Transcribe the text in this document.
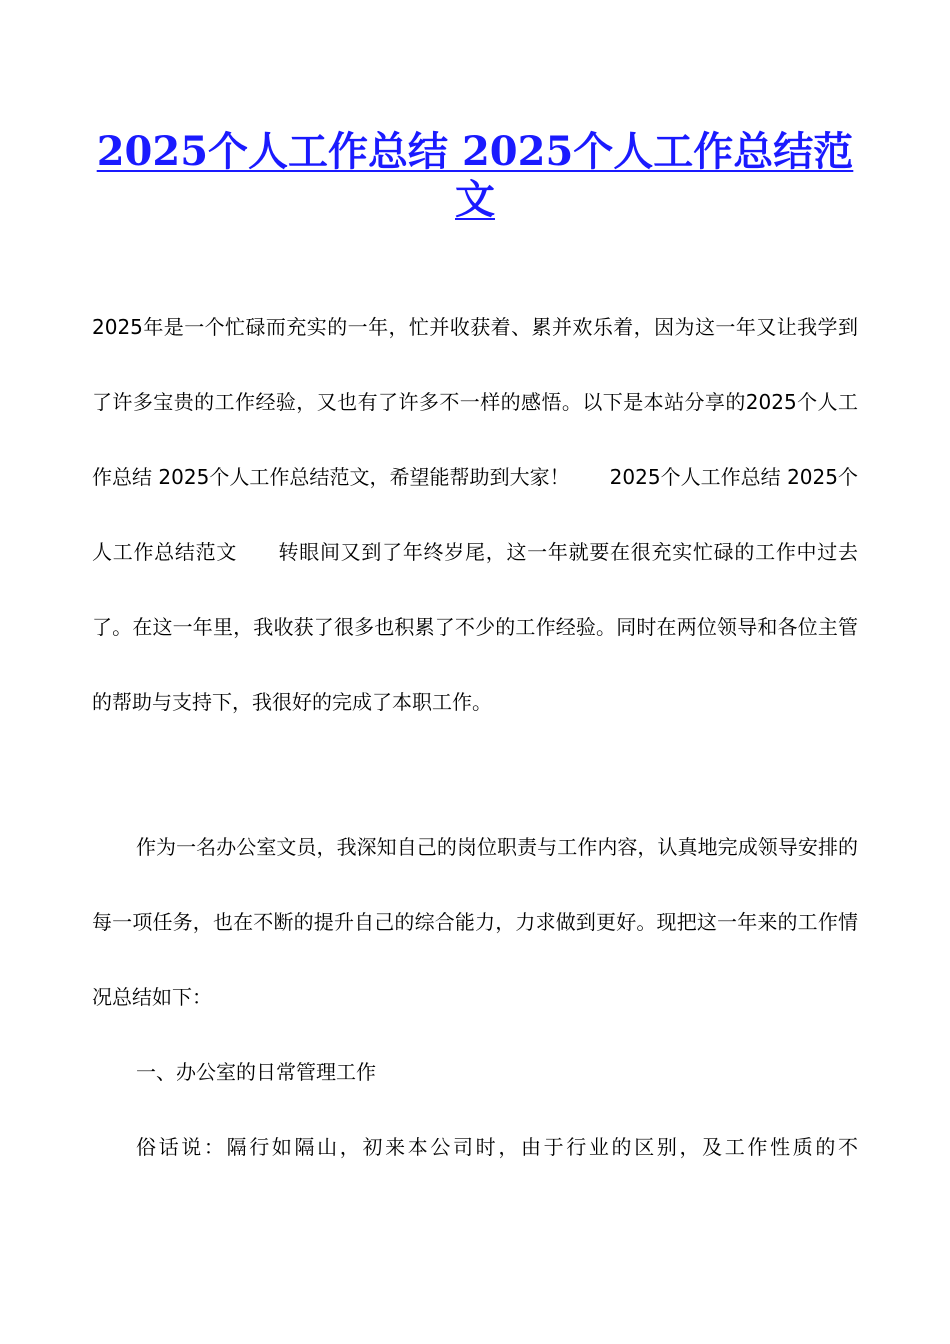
2025个人工作总结 2025个人工作总结范文

2025年是一个忙碌而充实的一年，忙并收获着、累并欢乐着，因为这一年又让我学到了许多宝贵的工作经验，又也有了许多不一样的感悟。以下是本站分享的2025个人工作总结 2025个人工作总结范文，希望能帮助到大家！　　2025个人工作总结 2025个人工作总结范文　　转眼间又到了年终岁尾，这一年就要在很充实忙碌的工作中过去了。在这一年里，我收获了很多也积累了不少的工作经验。同时在两位领导和各位主管的帮助与支持下，我很好的完成了本职工作。

作为一名办公室文员，我深知自己的岗位职责与工作内容，认真地完成领导安排的每一项任务，也在不断的提升自己的综合能力，力求做到更好。现把这一年来的工作情况总结如下：

一、办公室的日常管理工作

俗话说：隔行如隔山，初来本公司时，由于行业的区别，及工作性质的不
